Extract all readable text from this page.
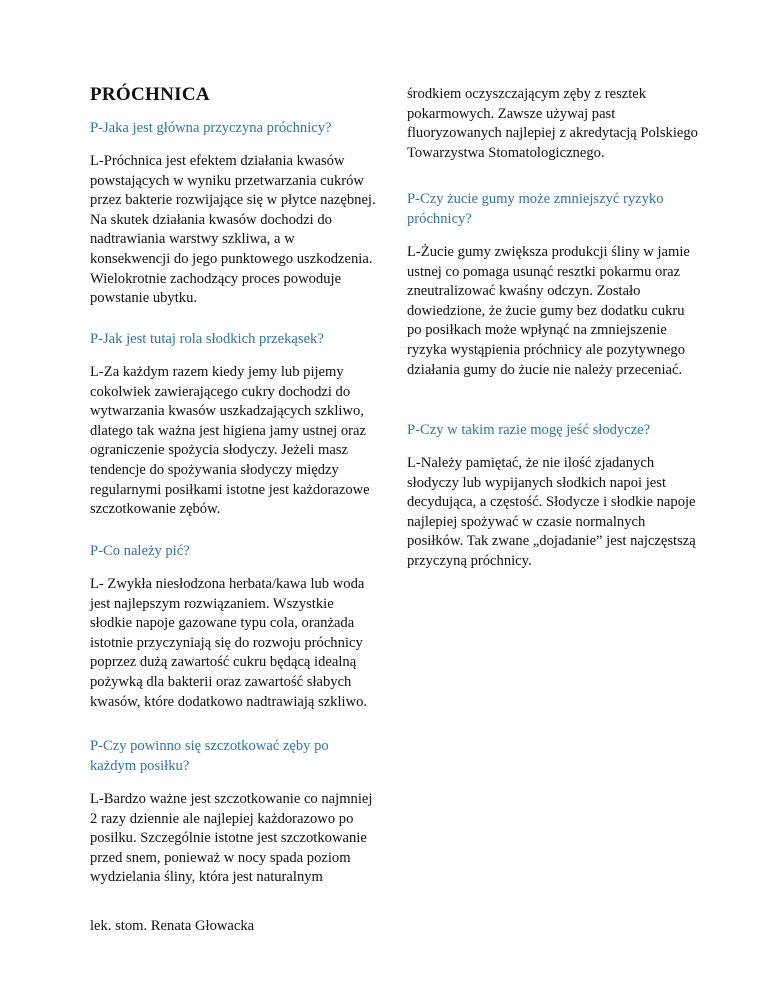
PRÓCHNICA

P-Jaka jest główna przyczyna próchnicy?

L-Próchnica jest efektem działania kwasów powstających w wyniku przetwarzania cukrów przez bakterie rozwijające się w płytce nazębnej. Na skutek działania kwasów dochodzi do nadtrawiania warstwy szkliwa, a w konsekwencji do jego punktowego uszkodzenia. Wielokrotnie zachodzący proces powoduje powstanie ubytku.

P-Jak jest tutaj rola słodkich przekąsek?

L-Za każdym razem kiedy jemy lub pijemy cokolwiek zawierającego cukry dochodzi do wytwarzania kwasów uszkadzających szkliwo, dlatego tak ważna jest higiena jamy ustnej oraz ograniczenie spożycia słodyczy. Jeżeli masz tendencje do spożywania słodyczy między regularnymi posiłkami istotne jest każdorazowe szczotkowanie zębów.

P-Co należy pić?

L- Zwykła niesłodzona herbata/kawa lub woda jest najlepszym rozwiązaniem. Wszystkie słodkie napoje gazowane typu cola, oranżada istotnie przyczyniają się do rozwoju próchnicy poprzez dużą zawartość cukru będącą idealną pożywką dla bakterii oraz zawartość słabych kwasów, które dodatkowo nadtrawiają szkliwo.

P-Czy powinno się szczotkować zęby po każdym posiłku?

L-Bardzo ważne jest szczotkowanie co najmniej 2 razy dziennie ale najlepiej każdorazowo po posilku. Szczególnie istotne jest szczotkowanie przed snem, ponieważ w nocy spada poziom wydzielania śliny, która jest naturalnym

środkiem oczyszczającym zęby z resztek pokarmowych. Zawsze używaj past fluoryzowanych najlepiej z akredytacją Polskiego Towarzystwa Stomatologicznego.

P-Czy żucie gumy może zmniejszyć ryzyko próchnicy?

L-Żucie gumy zwiększa produkcji śliny w jamie ustnej co pomaga usunąć resztki pokarmu oraz zneutralizować kwaśny odczyn. Zostało dowiedzione, że żucie gumy bez dodatku cukru po posiłkach może wpłynąć na zmniejszenie ryzyka wystąpienia próchnicy ale pozytywnego działania gumy do żucie nie należy przeceniać.

P-Czy w takim razie mogę jeść słodycze?

L-Należy pamiętać, że nie ilość zjadanych słodyczy lub wypijanych słodkich napoi jest decydująca, a częstość. Słodycze i słodkie napoje najlepiej spożywać w czasie normalnych posiłków. Tak zwane „dojadanie” jest najczęstszą przyczyną próchnicy.

lek. stom. Renata Głowacka
